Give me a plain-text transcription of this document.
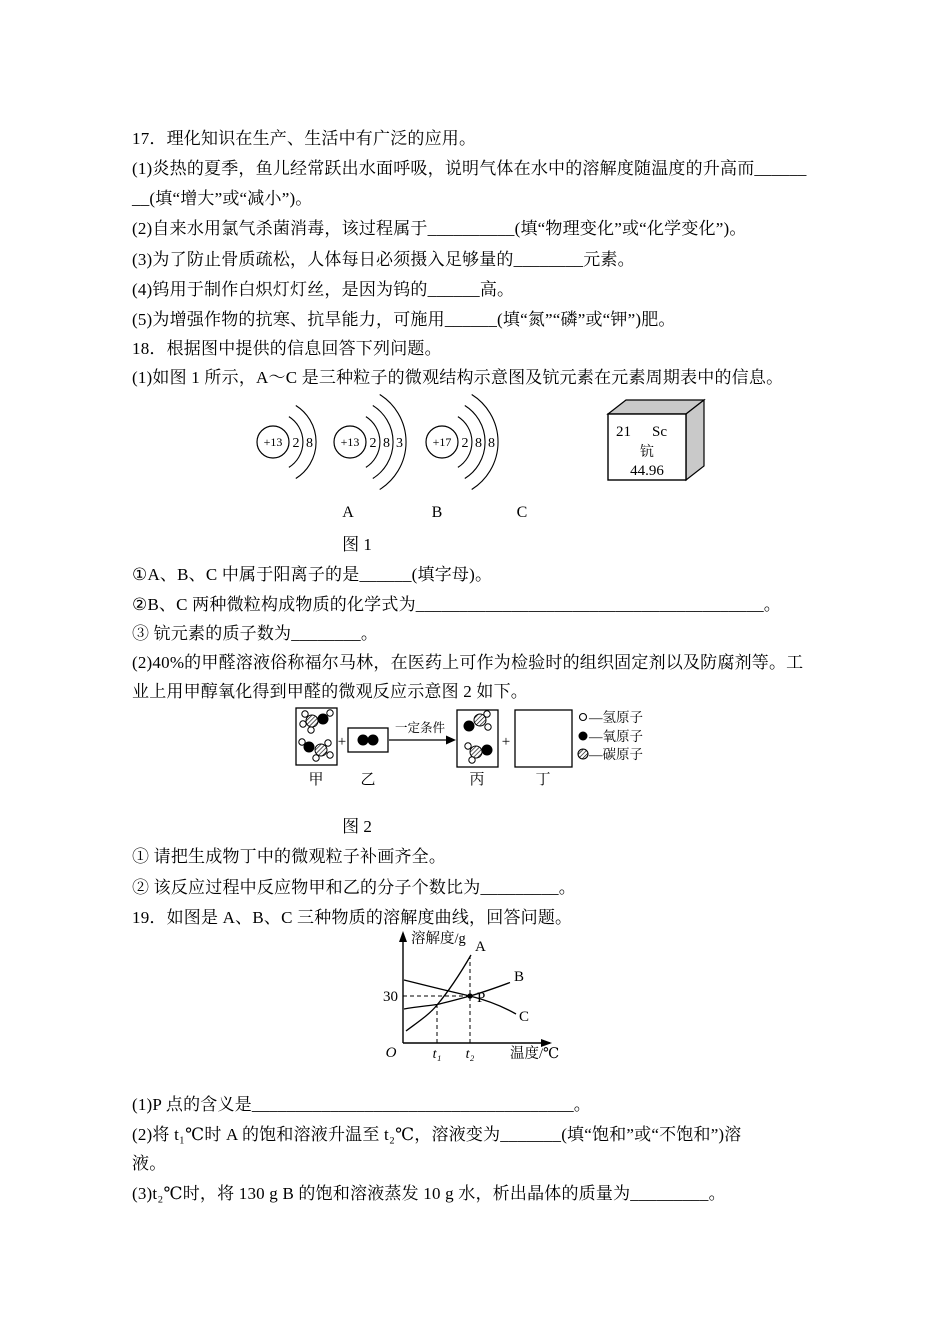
17．理化知识在生产、生活中有广泛的应用。
(1)炎热的夏季，鱼儿经常跃出水面呼吸，说明气体在水中的溶解度随温度的升高而______
__(填“增大”或“减小”)。
(2)自来水用氯气杀菌消毒，该过程属于__________(填“物理变化”或“化学变化”)。
(3)为了防止骨质疏松，人体每日必须摄入足够量的________元素。
(4)钨用于制作白炽灯灯丝，是因为钨的______高。
(5)为增强作物的抗寒、抗旱能力，可施用______(填“氮”“磷”或“钾”)肥。
18．根据图中提供的信息回答下列问题。
(1)如图 1 所示，A～C 是三种粒子的微观结构示意图及钪元素在元素周期表中的信息。
+13 2 8
A
+13 2 8 3
B
+17 2 8 8
C
21 Sc
钪
44.96
图 1
①A、B、C 中属于阳离子的是______(填字母)。
②B、C 两种微粒构成物质的化学式为________________________________________。
③ 钪元素的质子数为________。
(2)40%的甲醛溶液俗称福尔马林，在医药上可作为检验时的组织固定剂以及防腐剂等。工
业上用甲醇氧化得到甲醛的微观反应示意图 2 如下。
+
一定条件
+
甲 乙	丙	丁
—氢原子
—氧原子
—碳原子
图 2
① 请把生成物丁中的微观粒子补画齐全。
② 该反应过程中反应物甲和乙的分子个数比为_________。
19．如图是 A、B、C 三种物质的溶解度曲线，回答问题。
溶解度/g
温度/℃
O
30
t₁ t₂
P
A
B
C
(1)P 点的含义是_____________________________________。
(2)将 t₁℃时 A 的饱和溶液升温至 t₂℃，溶液变为_______(填“饱和”或“不饱和”)溶
液。
(3)t₂℃时，将 130 g B 的饱和溶液蒸发 10 g 水，析出晶体的质量为_________。
